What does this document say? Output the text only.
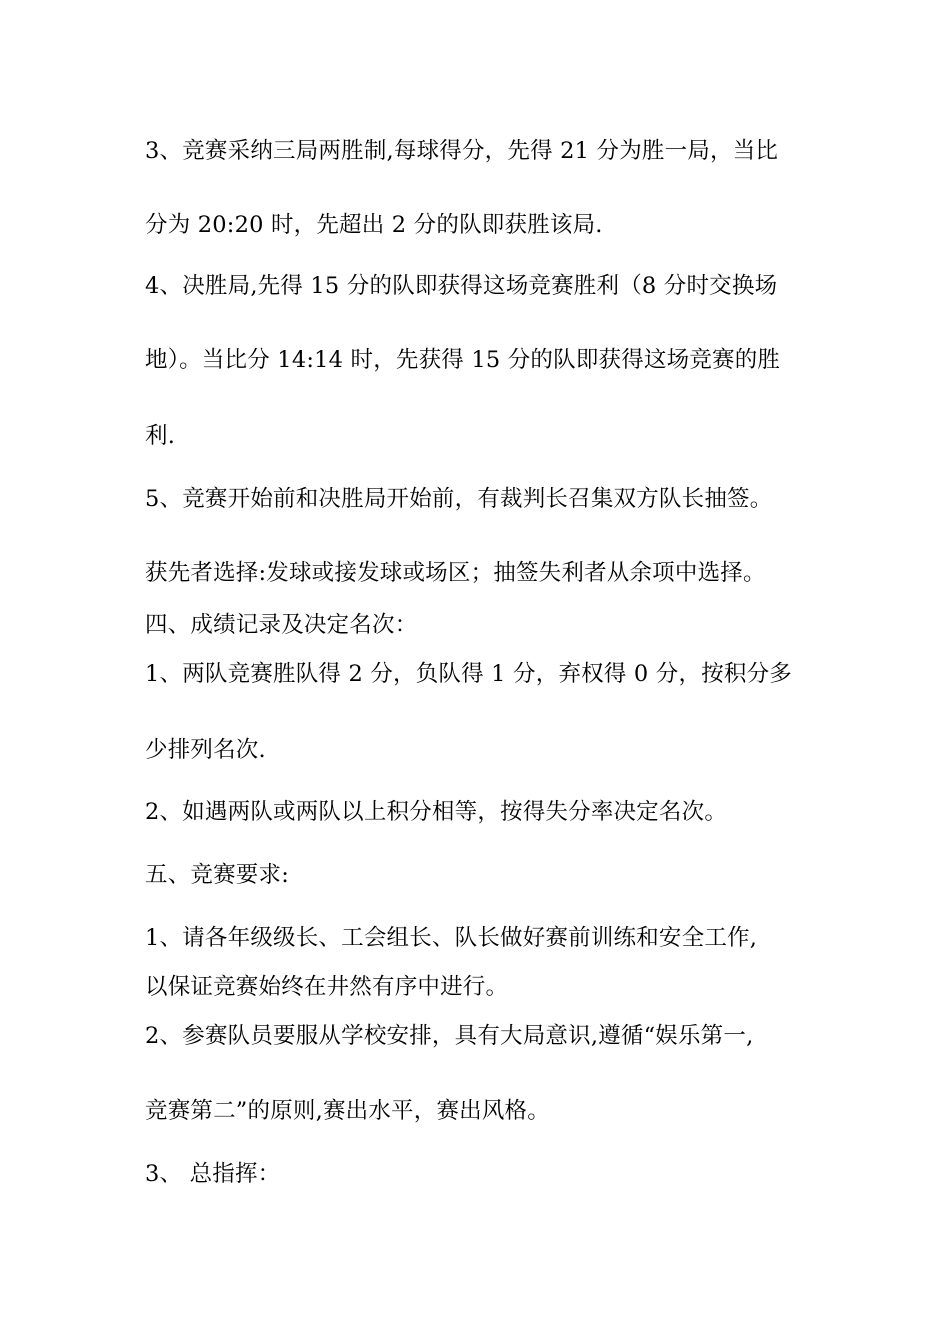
3、竞赛采纳三局两胜制,每球得分，先得 21 分为胜一局，当比
分为 20:20 时，先超出 2 分的队即获胜该局.
4、决胜局,先得 15 分的队即获得这场竞赛胜利（8 分时交换场
地）。当比分 14:14 时，先获得 15 分的队即获得这场竞赛的胜
利.
5、竞赛开始前和决胜局开始前，有裁判长召集双方队长抽签。
获先者选择:发球或接发球或场区；抽签失利者从余项中选择。
四、成绩记录及决定名次：
1、两队竞赛胜队得 2 分，负队得 1 分，弃权得 0 分，按积分多
少排列名次.
2、如遇两队或两队以上积分相等，按得失分率决定名次。
五、竞赛要求:
1、请各年级级长、工会组长、队长做好赛前训练和安全工作,
以保证竞赛始终在井然有序中进行。
2、参赛队员要服从学校安排，具有大局意识,遵循“娱乐第一,
竞赛第二”的原则,赛出水平，赛出风格。
3、 总指挥：
